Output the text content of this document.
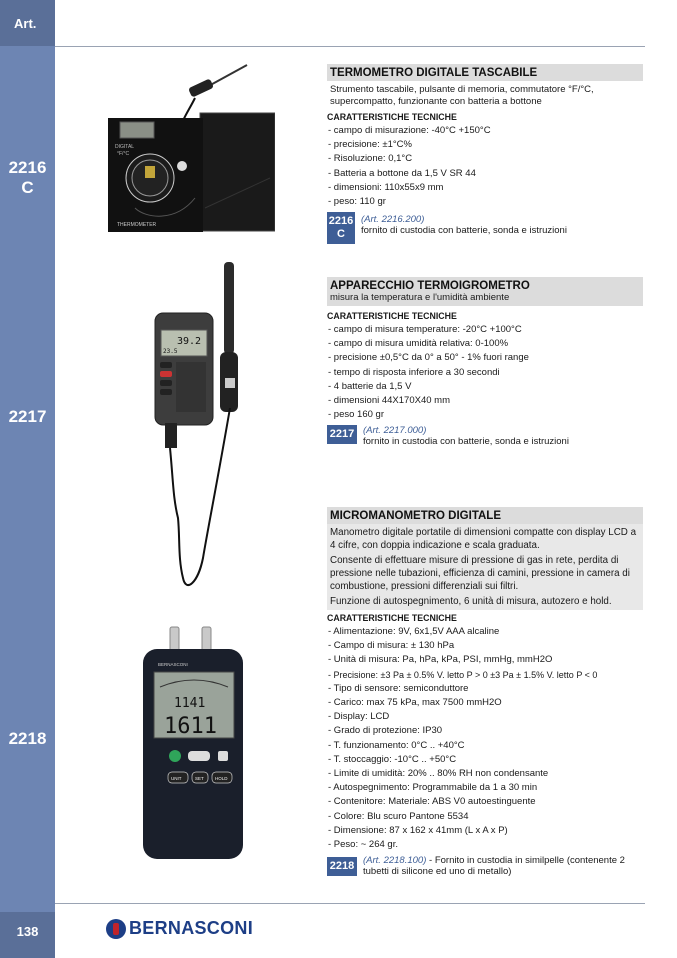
Art.
2216 C
2217
2218
138
DIGITAL
°F/°C
THERMOMETER
39.2
23.5
BERNASCONI
1141
1611
UNIT	SET HOLD
TERMOMETRO DIGITALE TASCABILE
Strumento tascabile, pulsante di memoria, commutatore °F/°C, supercompatto, funzionante con batteria a bottone
CARATTERISTICHE TECNICHE
- campo di misurazione: -40°C +150°C
- precisione: ±1°C%
- Risoluzione: 0,1°C
- Batteria a bottone da 1,5 V SR 44
- dimensioni: 110x55x9 mm
- peso: 110 gr
2216 C
(Art. 2216.200)
fornito di custodia con batterie, sonda e istruzioni
APPARECCHIO TERMOIGROMETRO
misura la temperatura e l'umidità ambiente
CARATTERISTICHE TECNICHE
- campo di misura temperature: -20°C +100°C
- campo di misura umidità relativa: 0-100%
- precisione ±0,5°C da 0° a 50° - 1% fuori range
- tempo di risposta inferiore a 30 secondi
- 4 batterie da 1,5 V
- dimensioni 44X170X40 mm
- peso 160 gr
2217 (Art. 2217.000)
fornito in custodia con batterie, sonda e istruzioni
MICROMANOMETRO DIGITALE

Manometro digitale portatile di dimensioni compatte con display LCD a 4 cifre, con doppia indicazione e scala graduata.

Consente di effettuare misure di pressione di gas in rete, perdita di pressione nelle tubazioni, efficienza di camini, pressione in camera di combustione, pressioni differenziali sui filtri.

Funzione di autospegnimento, 6 unità di misura, autozero e hold.

CARATTERISTICHE TECNICHE
- Alimentazione: 9V, 6x1,5V AAA alcaline
- Campo di misura: ± 130 hPa
- Unità di misura: Pa, hPa, kPa, PSI, mmHg, mmH2O
- Precisione: ±3 Pa ± 0.5% V. letto P > 0 ±3 Pa ± 1.5% V. letto P < 0
- Tipo di sensore: semiconduttore
- Carico: max 75 kPa, max 7500 mmH2O
- Display: LCD
- Grado di protezione: IP30
- T. funzionamento: 0°C .. +40°C
- T. stoccaggio: -10°C .. +50°C
- Limite di umidità: 20% .. 80% RH non condensante
- Autospegnimento: Programmabile da 1 a 30 min
- Contenitore: Materiale: ABS V0 autoestinguente
- Colore: Blu scuro Pantone 5534
- Dimensione: 87 x 162 x 41mm (L x A x P)
- Peso: ~ 264 gr.
2218 (Art. 2218.100) - Fornito in custodia in similpelle (contenente 2 tubetti di silicone ed uno di metallo)
BERNASCONI
